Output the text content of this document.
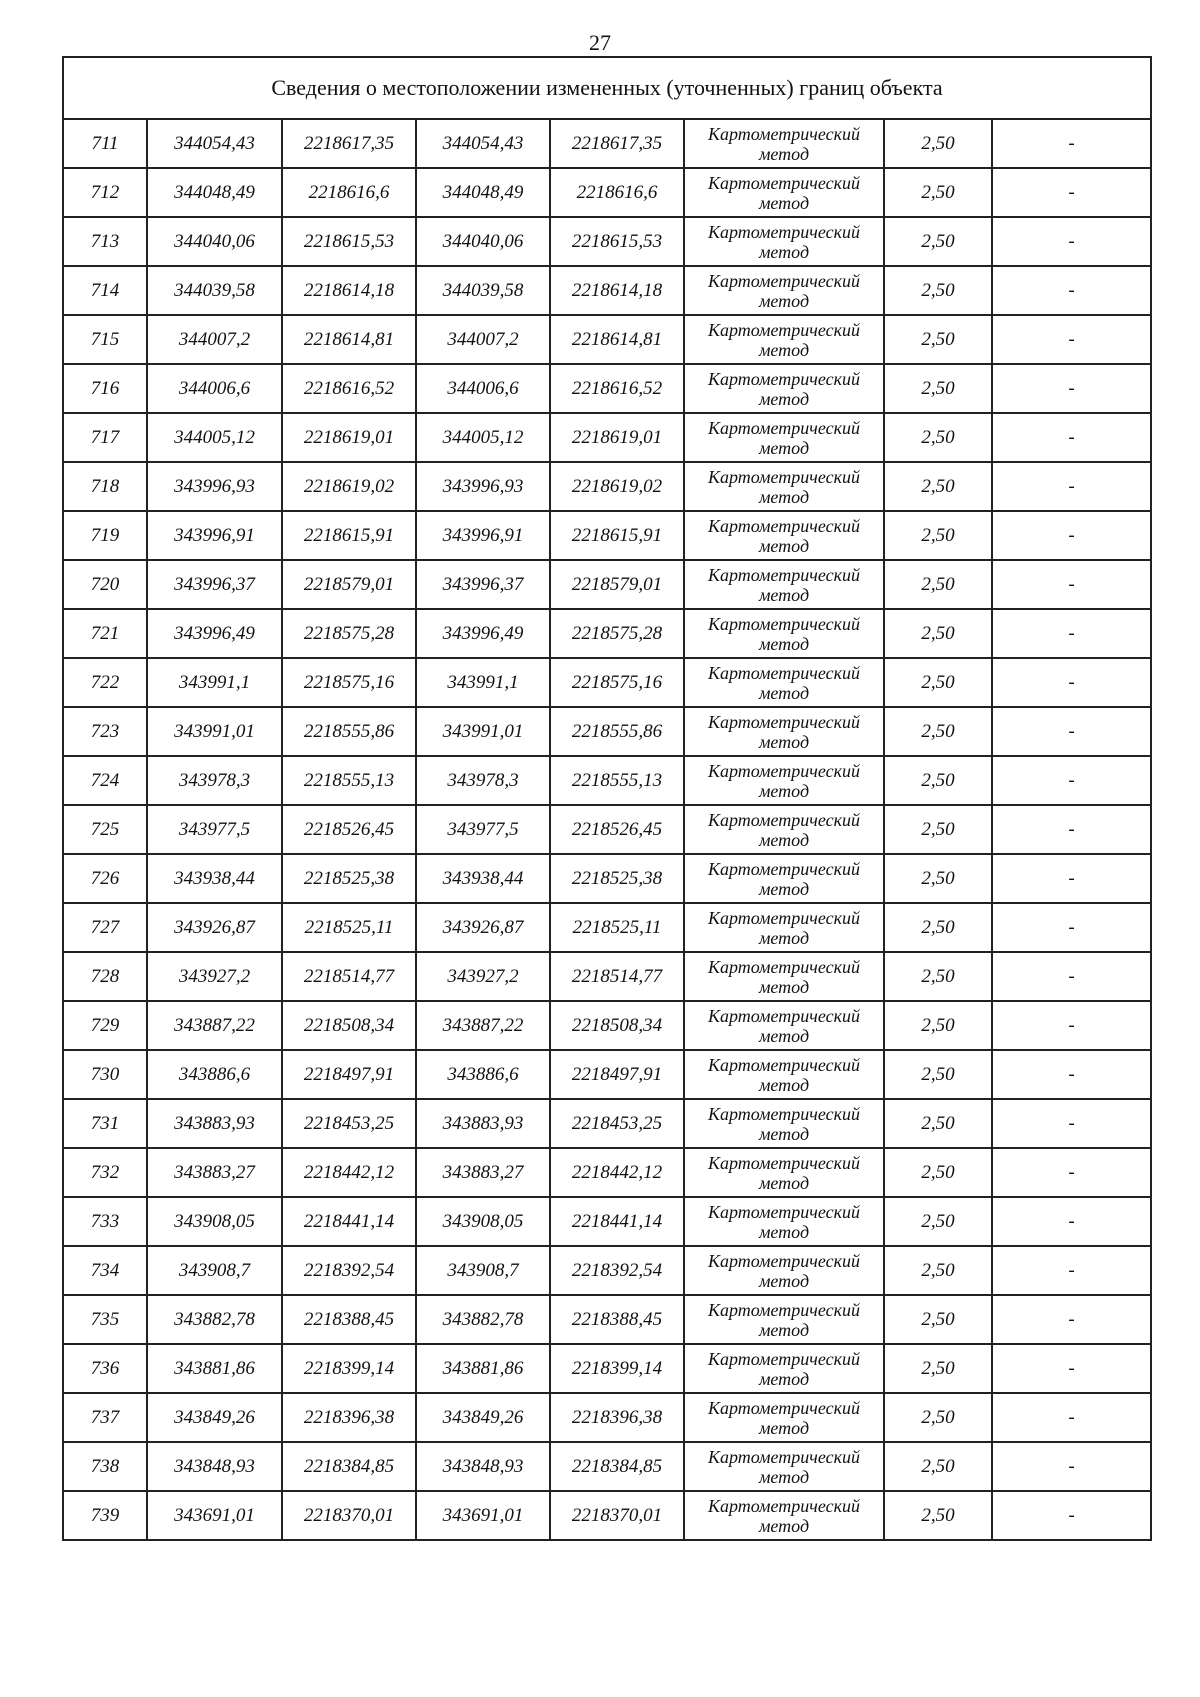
27
Сведения о местоположении измененных (уточненных) границ объекта							
711	344054,43	2218617,35	344054,43	2218617,35	Картометрический метод	2,50	-
712	344048,49	2218616,6	344048,49	2218616,6	Картометрический метод	2,50	-
713	344040,06	2218615,53	344040,06	2218615,53	Картометрический метод	2,50	-
714	344039,58	2218614,18	344039,58	2218614,18	Картометрический метод	2,50	-
715	344007,2	2218614,81	344007,2	2218614,81	Картометрический метод	2,50	-
716	344006,6	2218616,52	344006,6	2218616,52	Картометрический метод	2,50	-
717	344005,12	2218619,01	344005,12	2218619,01	Картометрический метод	2,50	-
718	343996,93	2218619,02	343996,93	2218619,02	Картометрический метод	2,50	-
719	343996,91	2218615,91	343996,91	2218615,91	Картометрический метод	2,50	-
720	343996,37	2218579,01	343996,37	2218579,01	Картометрический метод	2,50	-
721	343996,49	2218575,28	343996,49	2218575,28	Картометрический метод	2,50	-
722	343991,1	2218575,16	343991,1	2218575,16	Картометрический метод	2,50	-
723	343991,01	2218555,86	343991,01	2218555,86	Картометрический метод	2,50	-
724	343978,3	2218555,13	343978,3	2218555,13	Картометрический метод	2,50	-
725	343977,5	2218526,45	343977,5	2218526,45	Картометрический метод	2,50	-
726	343938,44	2218525,38	343938,44	2218525,38	Картометрический метод	2,50	-
727	343926,87	2218525,11	343926,87	2218525,11	Картометрический метод	2,50	-
728	343927,2	2218514,77	343927,2	2218514,77	Картометрический метод	2,50	-
729	343887,22	2218508,34	343887,22	2218508,34	Картометрический метод	2,50	-
730	343886,6	2218497,91	343886,6	2218497,91	Картометрический метод	2,50	-
731	343883,93	2218453,25	343883,93	2218453,25	Картометрический метод	2,50	-
732	343883,27	2218442,12	343883,27	2218442,12	Картометрический метод	2,50	-
733	343908,05	2218441,14	343908,05	2218441,14	Картометрический метод	2,50	-
734	343908,7	2218392,54	343908,7	2218392,54	Картометрический метод	2,50	-
735	343882,78	2218388,45	343882,78	2218388,45	Картометрический метод	2,50	-
736	343881,86	2218399,14	343881,86	2218399,14	Картометрический метод	2,50	-
737	343849,26	2218396,38	343849,26	2218396,38	Картометрический метод	2,50	-
738	343848,93	2218384,85	343848,93	2218384,85	Картометрический метод	2,50	-
739	343691,01	2218370,01	343691,01	2218370,01	Картометрический метод	2,50	-
